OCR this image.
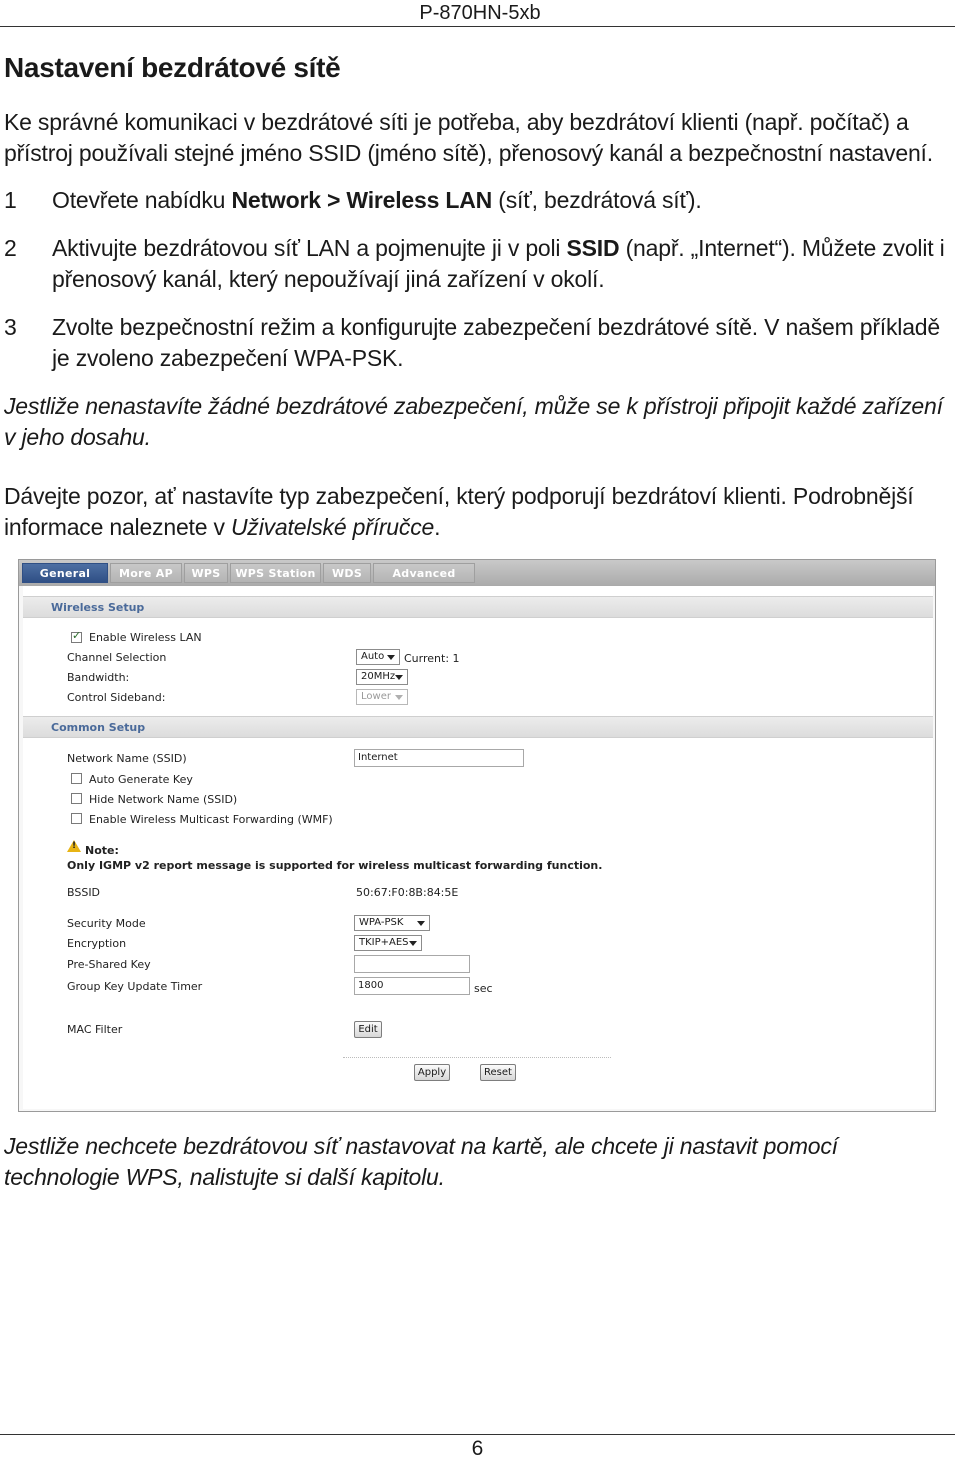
P-870HN-5xb
Nastavení bezdrátové sítě
Ke správné komunikaci v bezdrátové síti je potřeba, aby bezdrátoví klienti (např. počítač) a přístroj používali stejné jméno SSID (jméno sítě), přenosový kanál a bezpečnostní nastavení.
1 Otevřete nabídku Network > Wireless LAN (síť, bezdrátová síť).
2 Aktivujte bezdrátovou síť LAN a pojmenujte ji v poli SSID (např. „Internet“). Můžete zvolit i přenosový kanál, který nepoužívají jiná zařízení v okolí.
3 Zvolte bezpečnostní režim a konfigurujte zabezpečení bezdrátové sítě. V našem příkladě je zvoleno zabezpečení WPA-PSK.
Jestliže nenastavíte žádné bezdrátové zabezpečení, může se k přístroji připojit každé zařízení v jeho dosahu.
Dávejte pozor, ať nastavíte typ zabezpečení, který podporují bezdrátoví klienti. Podrobnější informace naleznete v Uživatelské příručce.
General	More AP	WPS	WPS Station	WDS	Advanced
Wireless Setup
✓
Enable Wireless LAN
Channel Selection	Auto	Current: 1
Bandwidth:	20MHz
Control Sideband:	Lower
Common Setup
Network Name (SSID)	Internet
Auto Generate Key
Hide Network Name (SSID)
Enable Wireless Multicast Forwarding (WMF)
!
Note:
Only IGMP v2 report message is supported for wireless multicast forwarding function.
BSSID	50:67:F0:8B:84:5E
Security Mode	WPA-PSK
Encryption	TKIP+AES
Pre-Shared Key
Group Key Update Timer	1800	sec
MAC Filter	Edit
Apply	Reset
Jestliže nechcete bezdrátovou síť nastavovat na kartě, ale chcete ji nastavit pomocí technologie WPS, nalistujte si další kapitolu.
6
